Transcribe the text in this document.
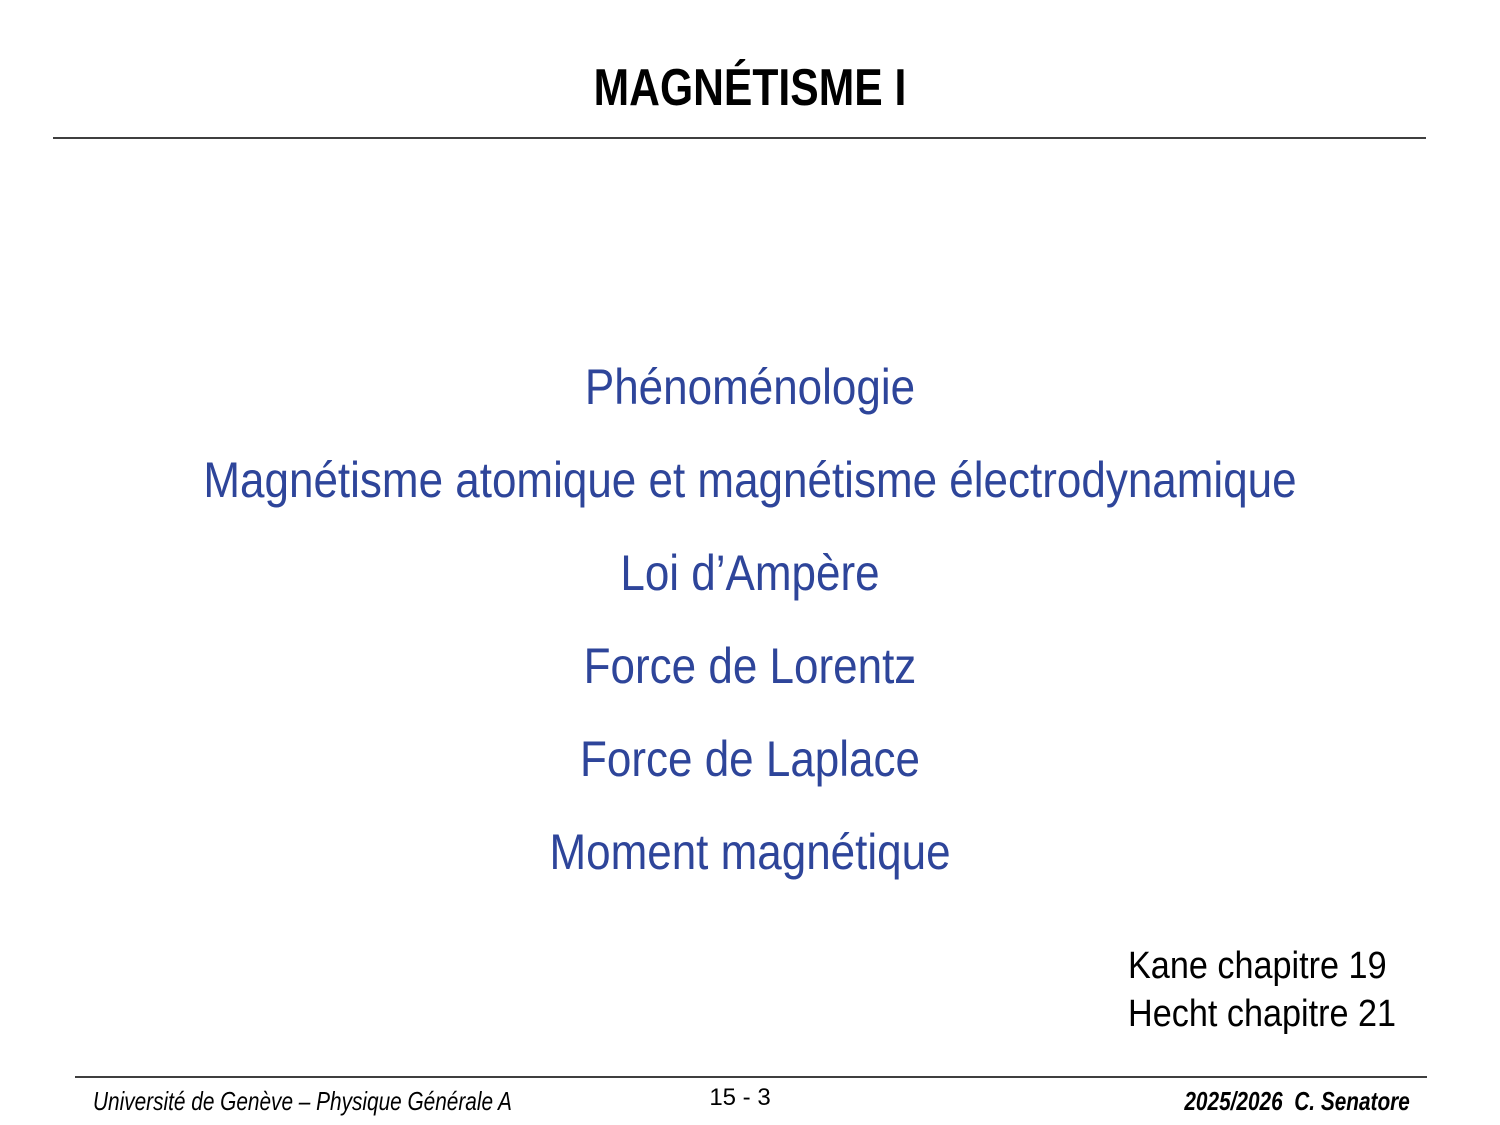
MAGNÉTISME I
Phénoménologie
Magnétisme atomique et magnétisme électrodynamique
Loi d’Ampère
Force de Lorentz
Force de Laplace
Moment magnétique
Kane chapitre 19
Hecht chapitre 21
Université de Genève – Physique Générale A	15 - 3	2025/2026  C. Senatore
